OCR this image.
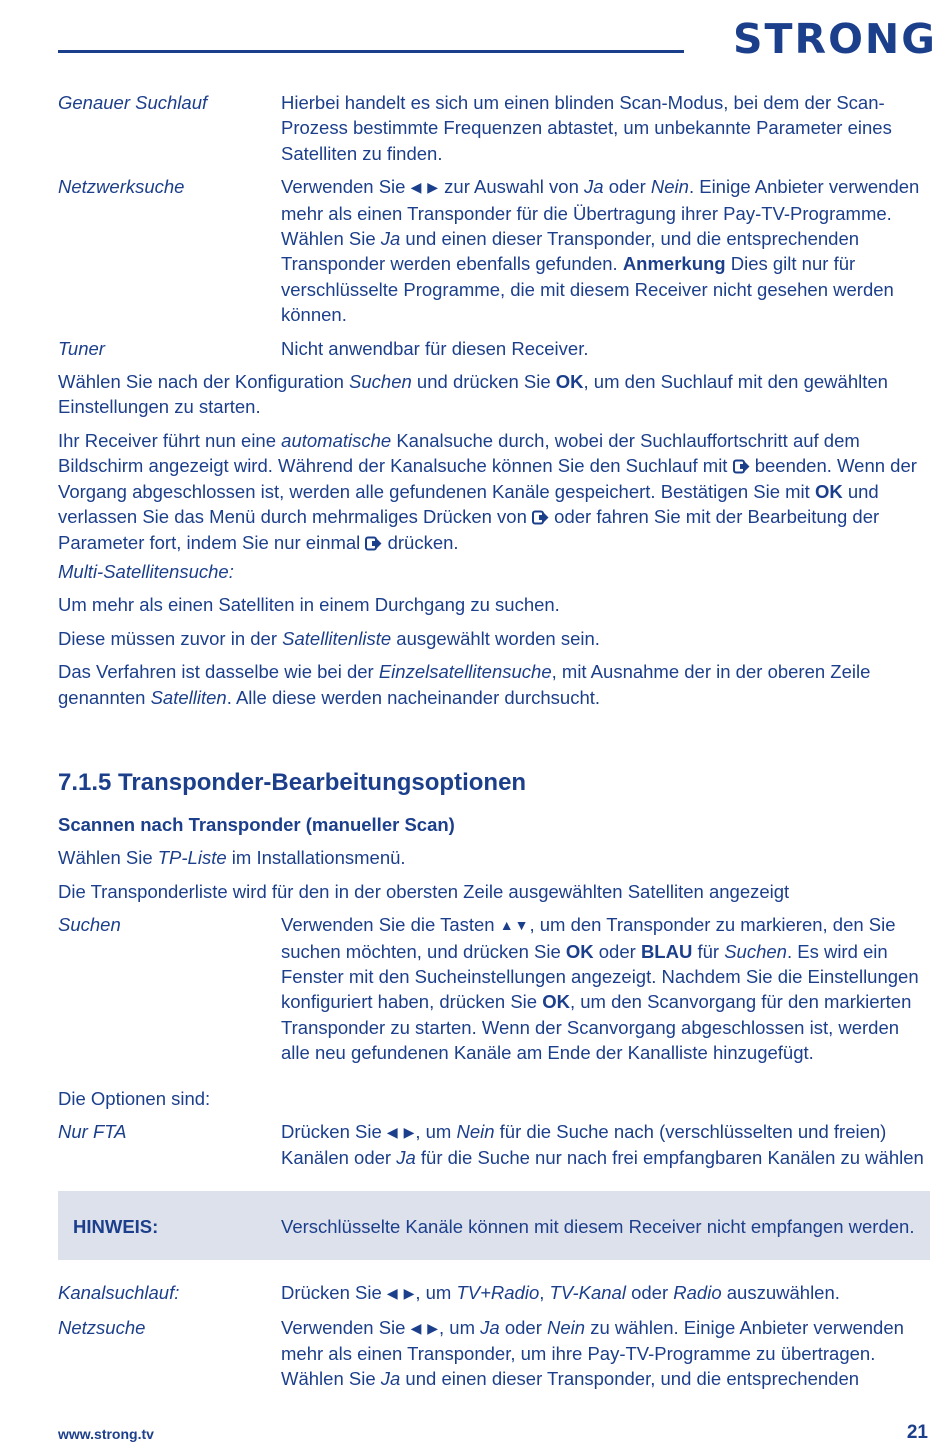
STRONG
Genauer Suchlauf	Hierbei handelt es sich um einen blinden Scan-Modus, bei dem der Scan-Prozess bestimmte Frequenzen abtastet, um unbekannte Parameter eines Satelliten zu finden.
Netzwerksuche	Verwenden Sie ◀ ▶ zur Auswahl von Ja oder Nein. Einige Anbieter verwenden mehr als einen Transponder für die Übertragung ihrer Pay-TV-Programme. Wählen Sie Ja und einen dieser Transponder, und die entsprechenden Transponder werden ebenfalls gefunden. Anmerkung Dies gilt nur für verschlüsselte Programme, die mit diesem Receiver nicht gesehen werden können.
Tuner	Nicht anwendbar für diesen Receiver.

Wählen Sie nach der Konfiguration Suchen und drücken Sie OK, um den Suchlauf mit den gewählten Einstellungen zu starten.

Ihr Receiver führt nun eine automatische Kanalsuche durch, wobei der Suchlauffortschritt auf dem Bildschirm angezeigt wird. Während der Kanalsuche können Sie den Suchlauf mit  beenden. Wenn der Vorgang abgeschlossen ist, werden alle gefundenen Kanäle gespeichert. Bestätigen Sie mit OK und verlassen Sie das Menü durch mehrmaliges Drücken von  oder fahren Sie mit der Bearbeitung der Parameter fort, indem Sie nur einmal  drücken.

Multi-Satellitensuche:

Um mehr als einen Satelliten in einem Durchgang zu suchen.

Diese müssen zuvor in der Satellitenliste ausgewählt worden sein.

Das Verfahren ist dasselbe wie bei der Einzelsatellitensuche, mit Ausnahme der in der oberen Zeile genannten Satelliten. Alle diese werden nacheinander durchsucht.

7.1.5 Transponder-Bearbeitungsoptionen
Scannen nach Transponder (manueller Scan)

Wählen Sie TP-Liste im Installationsmenü.

Die Transponderliste wird für den in der obersten Zeile ausgewählten Satelliten angezeigt

Suchen	Verwenden Sie die Tasten ▲▼, um den Transponder zu markieren, den Sie suchen möchten, und drücken Sie OK oder BLAU für Suchen. Es wird ein Fenster mit den Sucheinstellungen angezeigt. Nachdem Sie die Einstellungen konfiguriert haben, drücken Sie OK, um den Scanvorgang für den markierten Transponder zu starten. Wenn der Scanvorgang abgeschlossen ist, werden alle neu gefundenen Kanäle am Ende der Kanalliste hinzugefügt.

Die Optionen sind:

Nur FTA	Drücken Sie ◀ ▶, um Nein für die Suche nach (verschlüsselten und freien) Kanälen oder Ja für die Suche nur nach frei empfangbaren Kanälen zu wählen
HINWEIS:	Verschlüsselte Kanäle können mit diesem Receiver nicht empfangen werden.
Kanalsuchlauf:	Drücken Sie ◀ ▶, um TV+Radio, TV-Kanal oder Radio auszuwählen.
Netzsuche	Verwenden Sie ◀ ▶, um Ja oder Nein zu wählen. Einige Anbieter verwenden mehr als einen Transponder, um ihre Pay-TV-Programme zu übertragen. Wählen Sie Ja und einen dieser Transponder, und die entsprechenden
www.strong.tv	21
